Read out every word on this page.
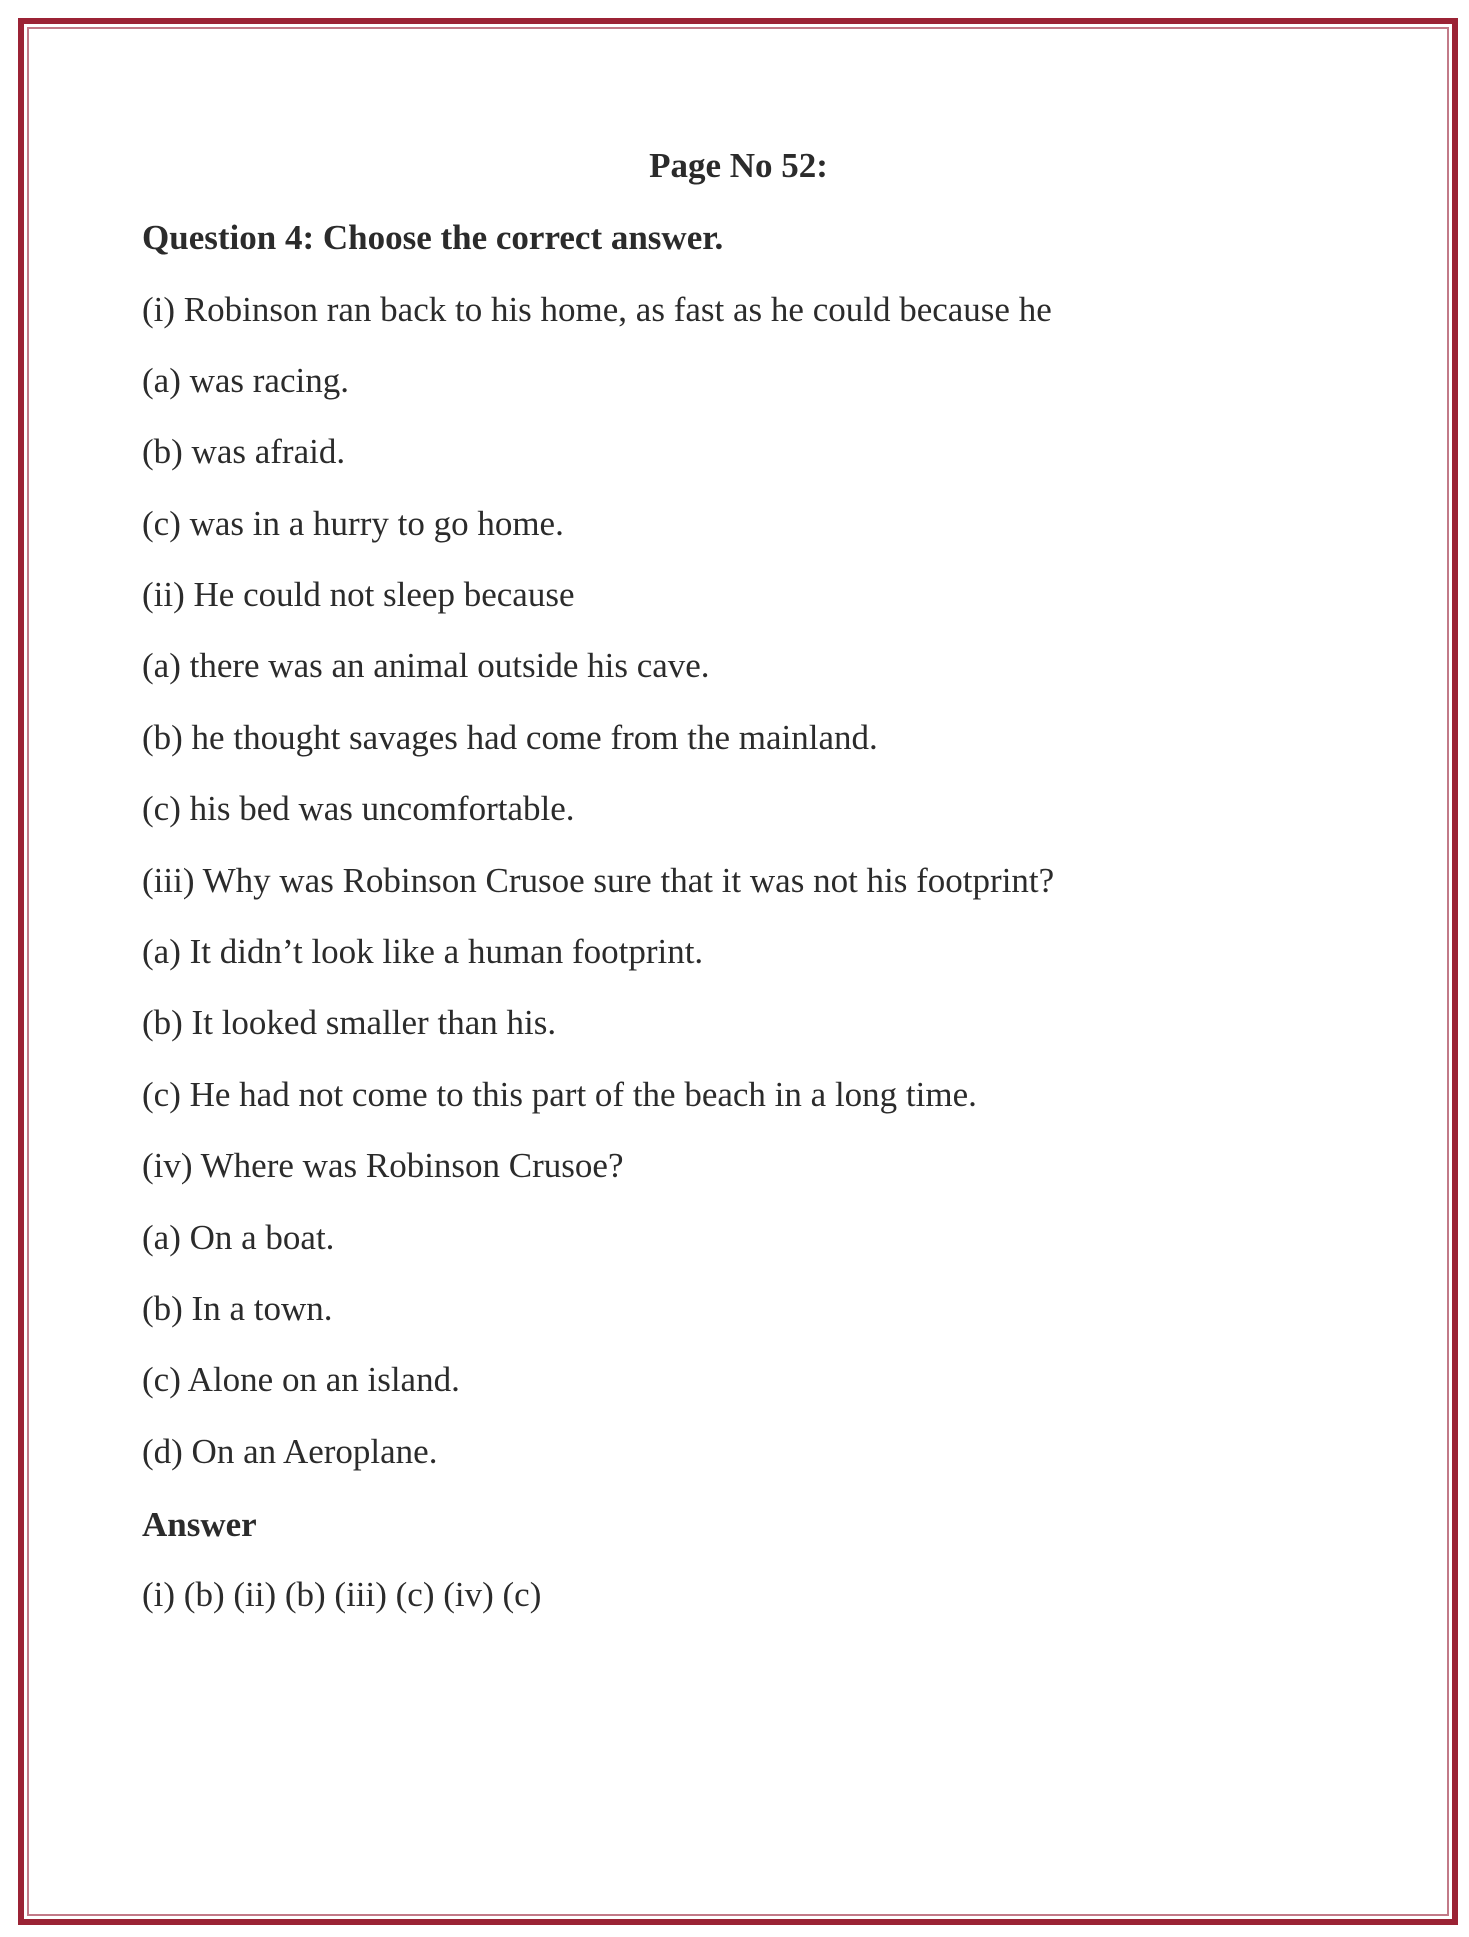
Page No 52:
Question 4: Choose the correct answer.
(i) Robinson ran back to his home, as fast as he could because he
(a) was racing.
(b) was afraid.
(c) was in a hurry to go home.
(ii) He could not sleep because
(a) there was an animal outside his cave.
(b) he thought savages had come from the mainland.
(c) his bed was uncomfortable.
(iii) Why was Robinson Crusoe sure that it was not his footprint?
(a) It didn’t look like a human footprint.
(b) It looked smaller than his.
(c) He had not come to this part of the beach in a long time.
(iv) Where was Robinson Crusoe?
(a) On a boat.
(b) In a town.
(c) Alone on an island.
(d) On an Aeroplane.
Answer
(i) (b) (ii) (b) (iii) (c) (iv) (c)
